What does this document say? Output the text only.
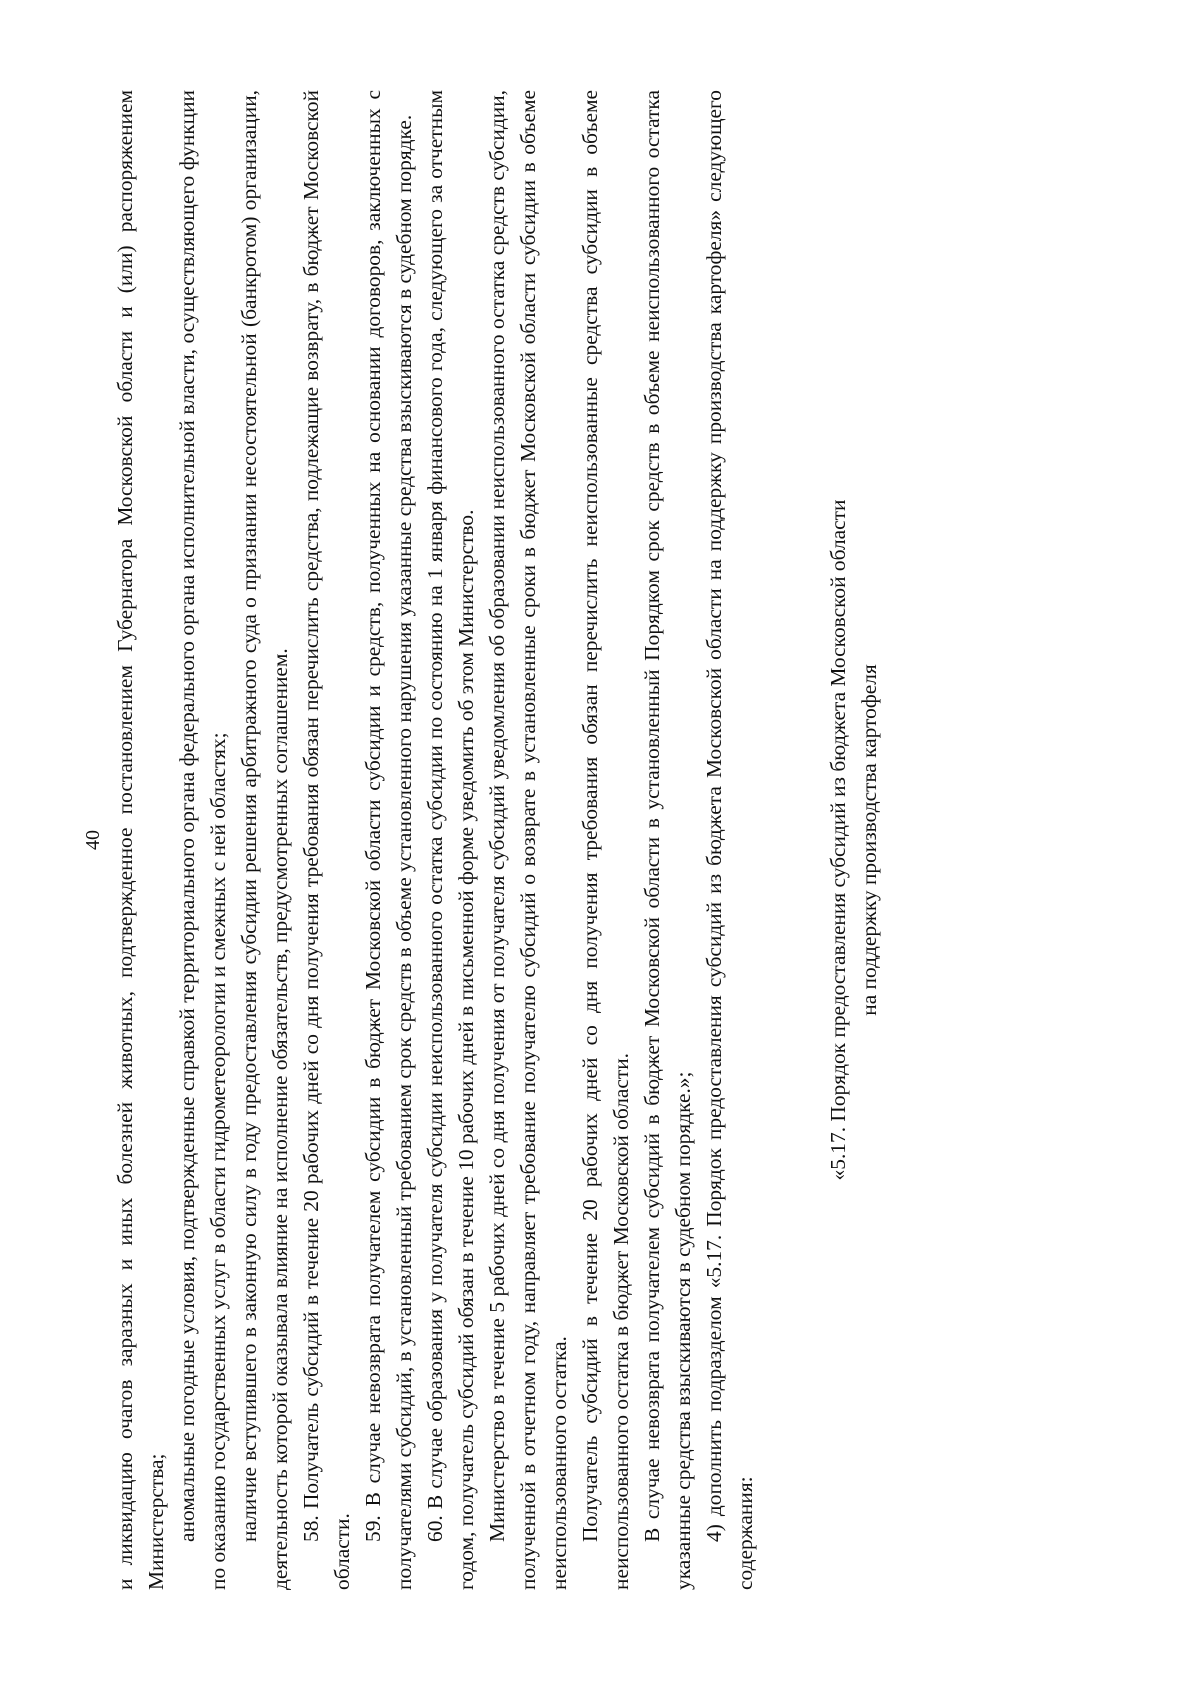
40 и ликвидацию очагов заразных и иных болезней животных, подтвержденное постановлением Губернатора Московской области и (или) распоряжением Министерства; аномальные погодные условия, подтвержденные справкой территориального органа федерального органа исполнительной власти, осуществляющего функции по оказанию государственных услуг в области гидрометеорологии и смежных с ней областях; наличие вступившего в законную силу в году предоставления субсидии решения арбитражного суда о признании несостоятельной (банкротом) организации, деятельность которой оказывала влияние на исполнение обязательств, предусмотренных соглашением. 58. Получатель субсидий в течение 20 рабочих дней со дня получения требования обязан перечислить средства, подлежащие возврату, в бюджет Московской области.

59. В случае невозврата получателем субсидии в бюджет Московской области субсидии и средств, полученных на основании договоров, заключенных с получателями субсидий, в установленный требованием срок средств в объеме установленного нарушения указанные средства взыскиваются в судебном порядке. 60. В случае образования у получателя субсидии неиспользованного остатка субсидии по состоянию на 1 января финансового года, следующего за отчетным годом, получатель субсидий обязан в течение 10 рабочих дней в письменной форме уведомить об этом Министерство. Министерство в течение 5 рабочих дней со дня получения от получателя субсидий уведомления об образовании неиспользованного остатка средств субсидии, полученной в отчетном году, направляет требование получателю субсидий о возврате в установленные сроки в бюджет Московской области субсидии в объеме неиспользованного остатка. Получатель субсидий в течение 20 рабочих дней со дня получения требования обязан перечислить неиспользованные средства субсидии в объеме неиспользованного остатка в бюджет Московской области. В случае невозврата получателем субсидий в бюджет Московской области в установленный Порядком срок средств в объеме неиспользованного остатка указанные средства взыскиваются в судебном порядке.»; 4) дополнить подразделом «5.17. Порядок предоставления субсидий из бюджета Московской области на поддержку производства картофеля» следующего содержания:

«5.17. Порядок предоставления субсидий из бюджета Московской области на поддержку производства картофеля
